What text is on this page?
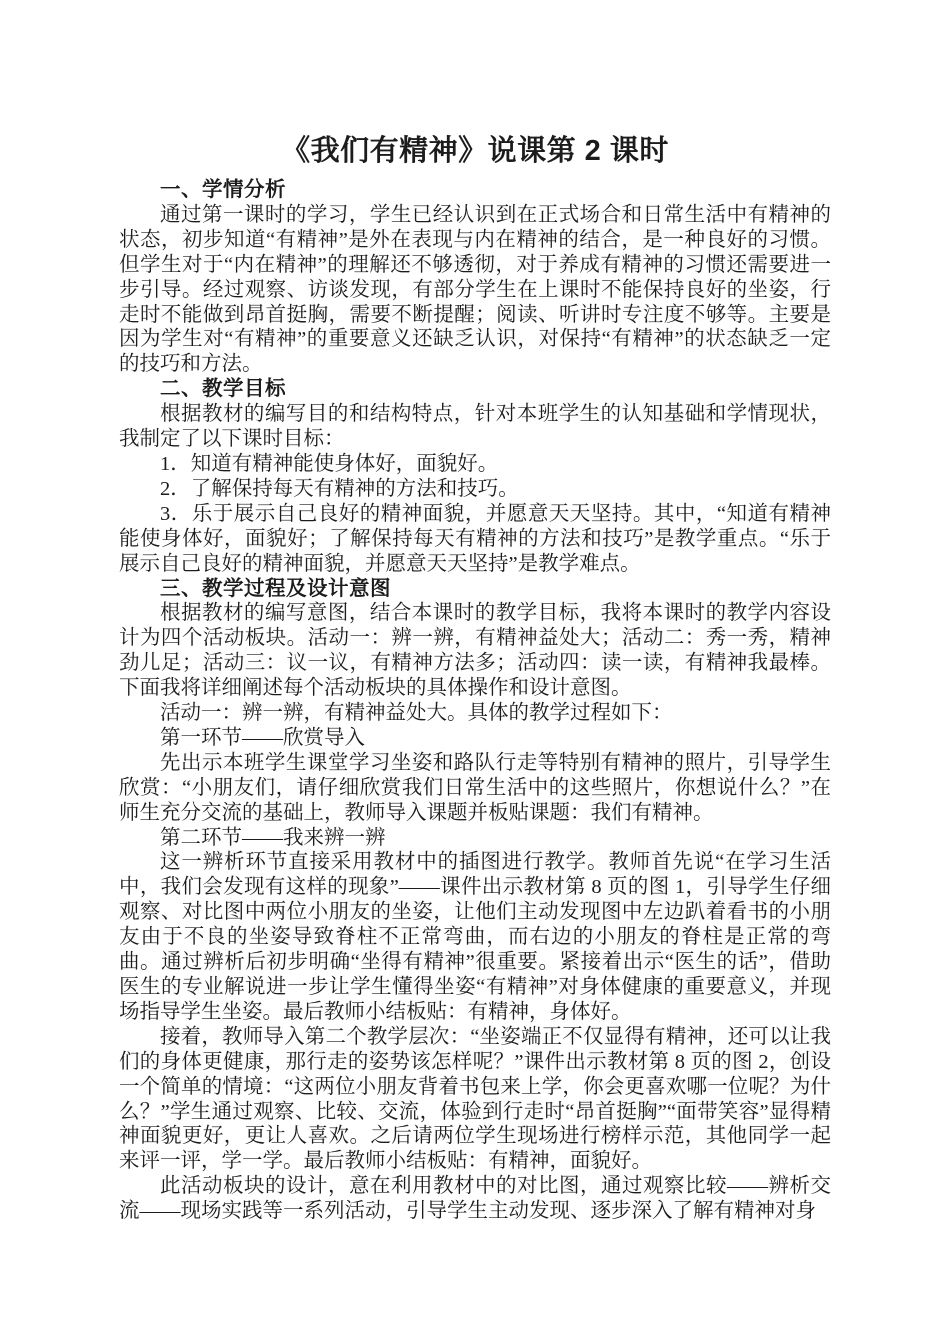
《我们有精神》说课第 2 课时

一、学情分析

通过第一课时的学习，学生已经认识到在正式场合和日常生活中有精神的状态，初步知道“有精神”是外在表现与内在精神的结合，是一种良好的习惯。但学生对于“内在精神”的理解还不够透彻，对于养成有精神的习惯还需要进一步引导。经过观察、访谈发现，有部分学生在上课时不能保持良好的坐姿，行走时不能做到昂首挺胸，需要不断提醒；阅读、听讲时专注度不够等。主要是因为学生对“有精神”的重要意义还缺乏认识，对保持“有精神”的状态缺乏一定的技巧和方法。

二、教学目标

根据教材的编写目的和结构特点，针对本班学生的认知基础和学情现状，我制定了以下课时目标：

1．知道有精神能使身体好，面貌好。

2．了解保持每天有精神的方法和技巧。

3．乐于展示自己良好的精神面貌，并愿意天天坚持。其中，“知道有精神能使身体好，面貌好；了解保持每天有精神的方法和技巧”是教学重点。“乐于展示自己良好的精神面貌，并愿意天天坚持”是教学难点。

三、教学过程及设计意图

根据教材的编写意图，结合本课时的教学目标，我将本课时的教学内容设计为四个活动板块。活动一：辨一辨，有精神益处大；活动二：秀一秀，精神劲儿足；活动三：议一议，有精神方法多；活动四：读一读，有精神我最棒。下面我将详细阐述每个活动板块的具体操作和设计意图。

活动一：辨一辨，有精神益处大。具体的教学过程如下：

第一环节——欣赏导入

先出示本班学生课堂学习坐姿和路队行走等特别有精神的照片，引导学生欣赏：“小朋友们，请仔细欣赏我们日常生活中的这些照片，你想说什么？”在师生充分交流的基础上，教师导入课题并板贴课题：我们有精神。

第二环节——我来辨一辨

这一辨析环节直接采用教材中的插图进行教学。教师首先说“在学习生活中，我们会发现有这样的现象”——课件出示教材第 8 页的图 1，引导学生仔细观察、对比图中两位小朋友的坐姿，让他们主动发现图中左边趴着看书的小朋友由于不良的坐姿导致脊柱不正常弯曲，而右边的小朋友的脊柱是正常的弯曲。通过辨析后初步明确“坐得有精神”很重要。紧接着出示“医生的话”，借助医生的专业解说进一步让学生懂得坐姿“有精神”对身体健康的重要意义，并现场指导学生坐姿。最后教师小结板贴：有精神，身体好。

接着，教师导入第二个教学层次：“坐姿端正不仅显得有精神，还可以让我们的身体更健康，那行走的姿势该怎样呢？”课件出示教材第 8 页的图 2，创设一个简单的情境：“这两位小朋友背着书包来上学，你会更喜欢哪一位呢？为什么？”学生通过观察、比较、交流，体验到行走时“昂首挺胸”“面带笑容”显得精神面貌更好，更让人喜欢。之后请两位学生现场进行榜样示范，其他同学一起来评一评，学一学。最后教师小结板贴：有精神，面貌好。

此活动板块的设计，意在利用教材中的对比图，通过观察比较——辨析交流——现场实践等一系列活动，引导学生主动发现、逐步深入了解有精神对身
